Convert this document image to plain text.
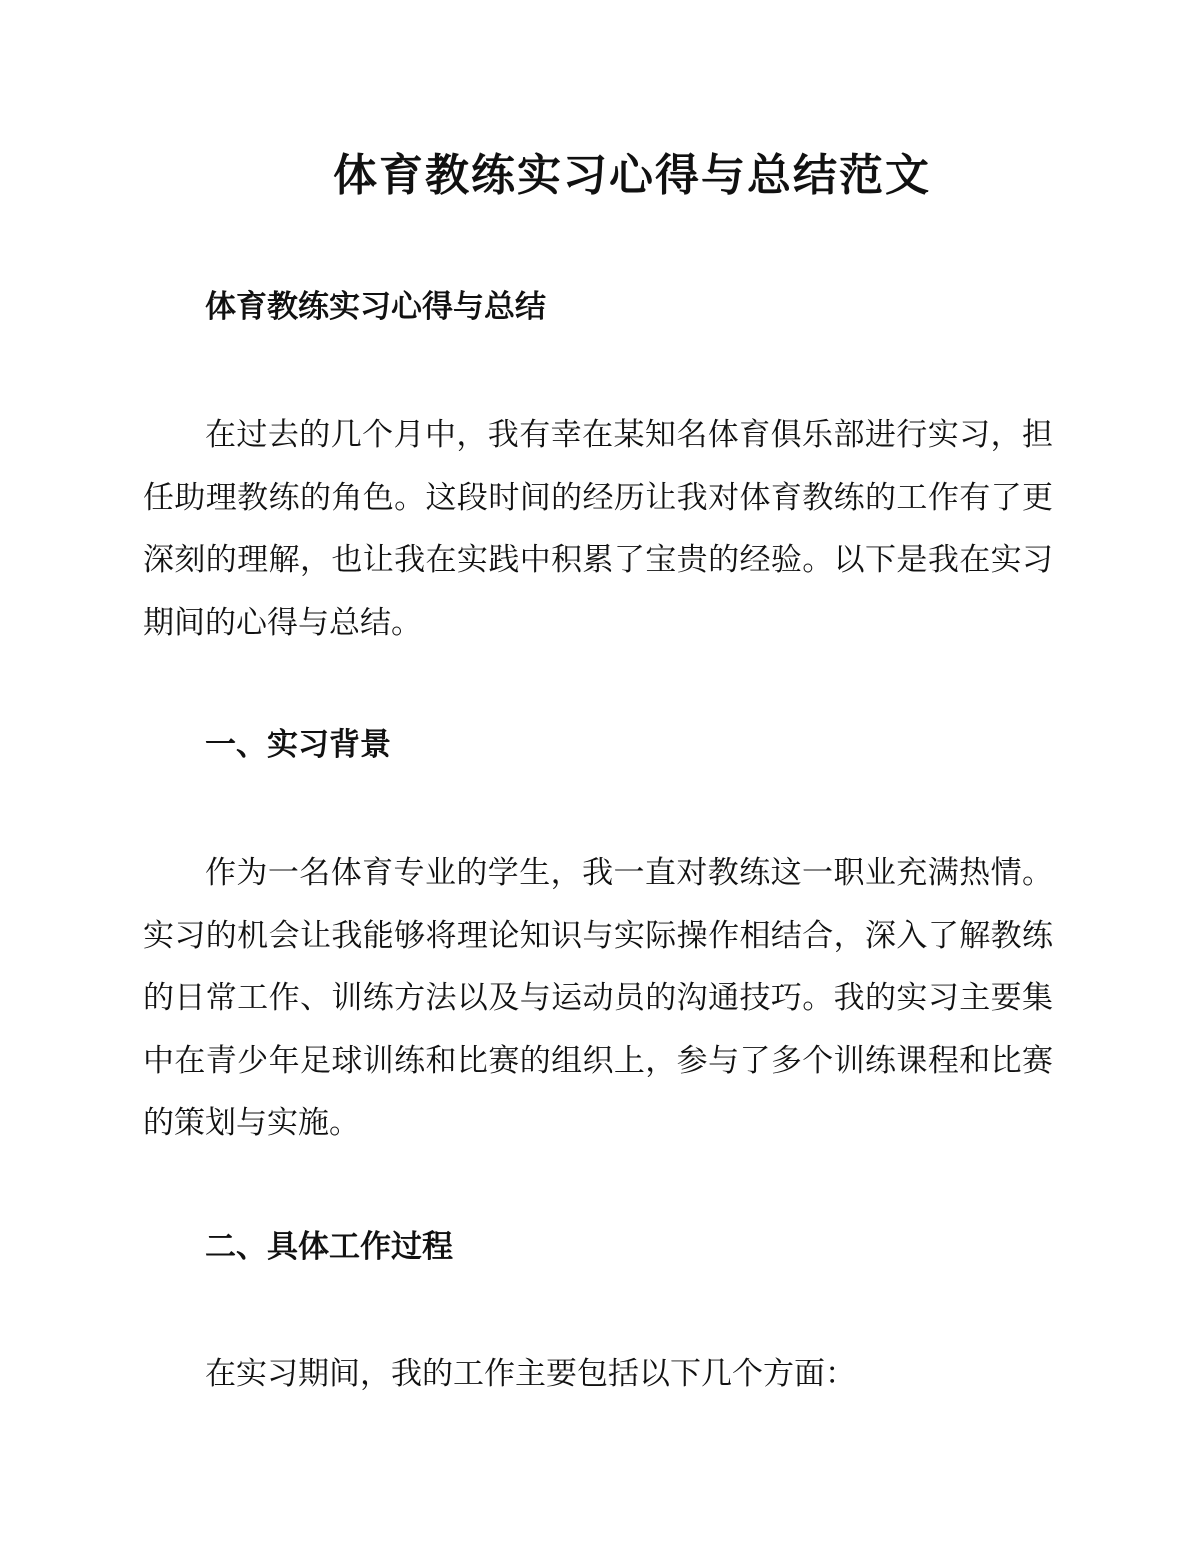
体育教练实习心得与总结范文
体育教练实习心得与总结

在过去的几个月中，我有幸在某知名体育俱乐部进行实习，担任助理教练的角色。这段时间的经历让我对体育教练的工作有了更深刻的理解，也让我在实践中积累了宝贵的经验。以下是我在实习期间的心得与总结。

一、实习背景

作为一名体育专业的学生，我一直对教练这一职业充满热情。实习的机会让我能够将理论知识与实际操作相结合，深入了解教练的日常工作、训练方法以及与运动员的沟通技巧。我的实习主要集中在青少年足球训练和比赛的组织上，参与了多个训练课程和比赛的策划与实施。

二、具体工作过程

在实习期间，我的工作主要包括以下几个方面：
